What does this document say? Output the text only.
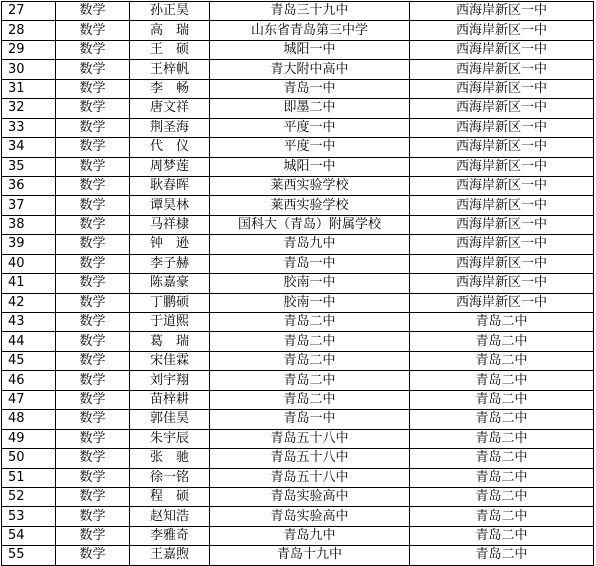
27	数学	孙正昊	青岛三十九中	西海岸新区一中
28	数学	高　瑞	山东省青岛第三中学	西海岸新区一中
29	数学	王　硕	城阳一中	西海岸新区一中
30	数学	王梓帆	青大附中高中	西海岸新区一中
31	数学	李　畅	青岛一中	西海岸新区一中
32	数学	唐文祥	即墨二中	西海岸新区一中
33	数学	荆圣海	平度一中	西海岸新区一中
34	数学	代　仪	平度一中	西海岸新区一中
35	数学	周梦莲	城阳一中	西海岸新区一中
36	数学	耿春晖	莱西实验学校	西海岸新区一中
37	数学	谭昊林	莱西实验学校	西海岸新区一中
38	数学	马祥棣	国科大（青岛）附属学校	西海岸新区一中
39	数学	钟　逊	青岛九中	西海岸新区一中
40	数学	李子赫	青岛一中	西海岸新区一中
41	数学	陈嘉豪	胶南一中	西海岸新区一中
42	数学	丁鹏硕	胶南一中	西海岸新区一中
43	数学	于道熙	青岛二中	青岛二中
44	数学	葛　瑞	青岛二中	青岛二中
45	数学	宋佳霖	青岛二中	青岛二中
46	数学	刘宇翔	青岛二中	青岛二中
47	数学	苗梓耕	青岛二中	青岛二中
48	数学	郭佳昊	青岛一中	青岛二中
49	数学	朱宇辰	青岛五十八中	青岛二中
50	数学	张　驰	青岛五十八中	青岛二中
51	数学	徐一铭	青岛五十八中	青岛二中
52	数学	程　硕	青岛实验高中	青岛二中
53	数学	赵知浩	青岛实验高中	青岛二中
54	数学	李雅奇	青岛九中	青岛二中
55	数学	王嘉煦	青岛十九中	青岛二中
